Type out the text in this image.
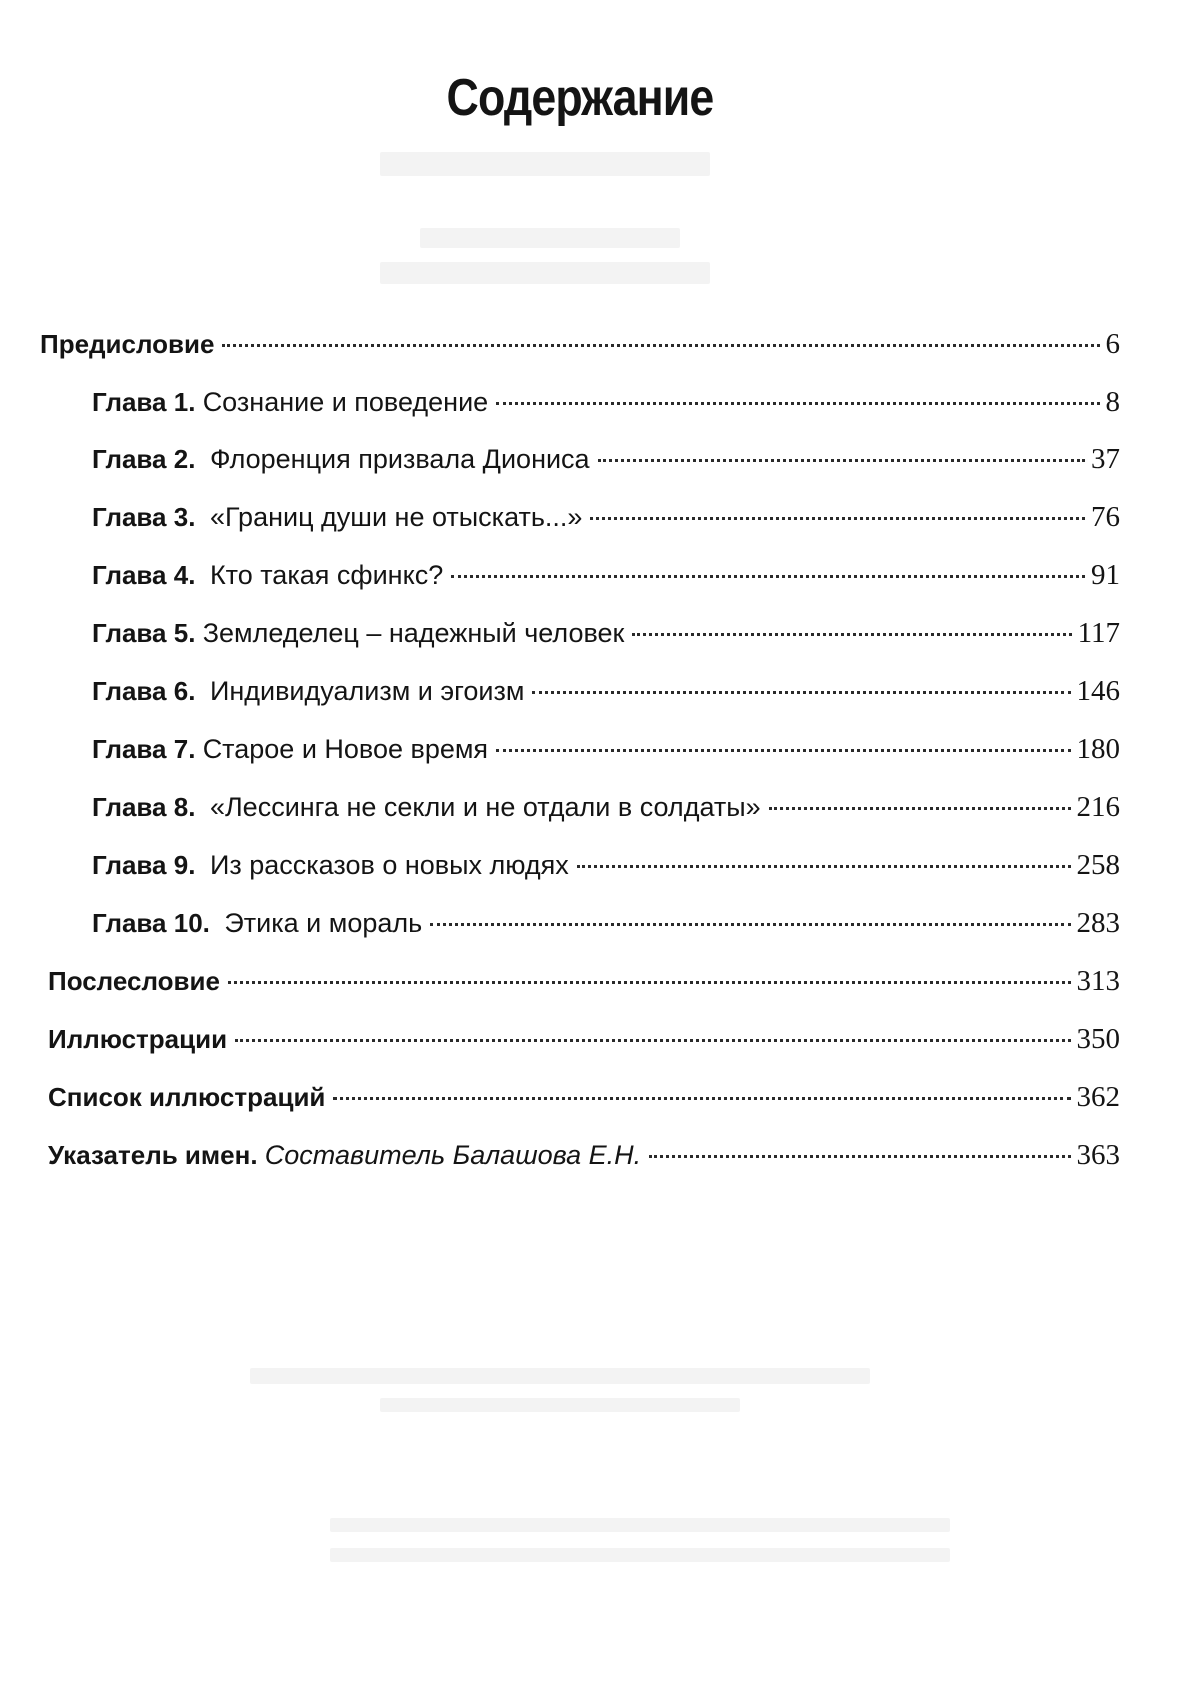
Содержание
Предисловие	6
Глава 1. Сознание и поведение	8
Глава 2. Флоренция призвала Диониса	37
Глава 3. «Границ души не отыскать...»	76
Глава 4. Кто такая сфинкс?	91
Глава 5. Земледелец – надежный человек	117
Глава 6. Индивидуализм и эгоизм	146
Глава 7. Старое и Новое время	180
Глава 8. «Лессинга не секли и не отдали в солдаты»	216
Глава 9. Из рассказов о новых людях	258
Глава 10. Этика и мораль	283
Послесловие	313
Иллюстрации	350
Список иллюстраций	362
Указатель имен. Составитель Балашова Е.Н.	363
